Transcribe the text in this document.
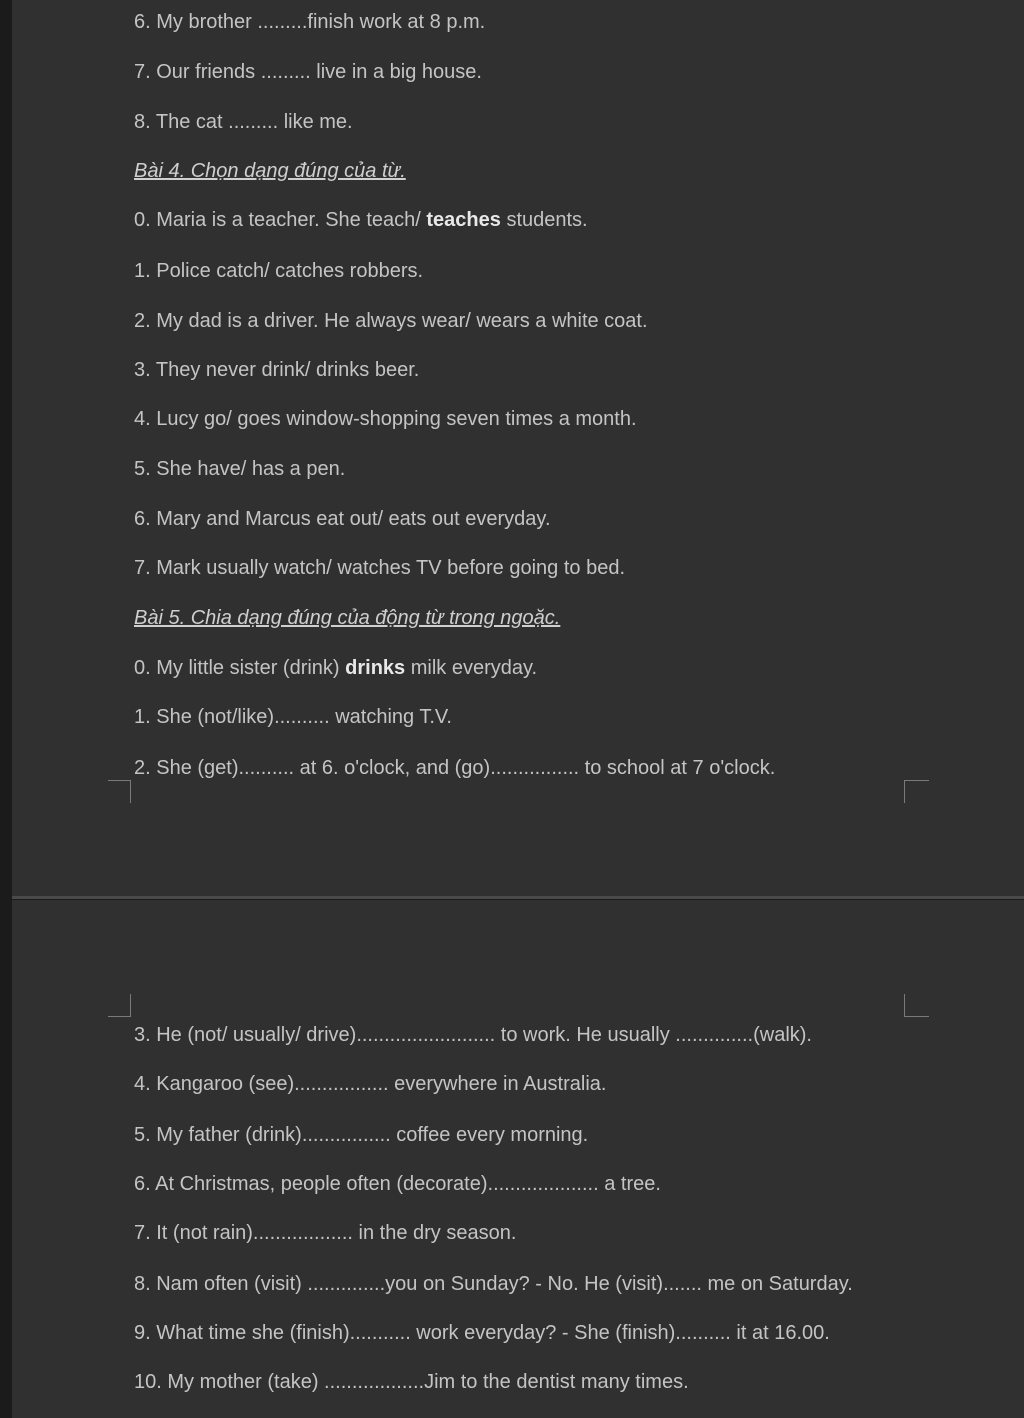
6. My brother .........finish work at 8 p.m.
7. Our friends ......... live in a big house.
8. The cat ......... like me.
Bài 4. Chọn dạng đúng của từ.
0. Maria is a teacher. She teach/ teaches students.
1. Police catch/ catches robbers.
2. My dad is a driver. He always wear/ wears a white coat.
3. They never drink/ drinks beer.
4. Lucy go/ goes window-shopping seven times a month.
5. She have/ has a pen.
6. Mary and Marcus eat out/ eats out everyday.
7. Mark usually watch/ watches TV before going to bed.
Bài 5. Chia dạng đúng của động từ trong ngoặc.
0. My little sister (drink) drinks milk everyday.
1. She (not/like).......... watching T.V.
2. She (get).......... at 6. o'clock, and (go)................ to school at 7 o'clock.
3. He (not/ usually/ drive)......................... to work. He usually ..............(walk).
4. Kangaroo (see)................. everywhere in Australia.
5. My father (drink)................ coffee every morning.
6. At Christmas, people often (decorate).................... a tree.
7. It (not rain).................. in the dry season.
8. Nam often (visit) ..............you on Sunday? - No. He (visit)....... me on Saturday.
9. What time she (finish)........... work everyday? - She (finish).......... it at 16.00.
10. My mother (take) ..................Jim to the dentist many times.
